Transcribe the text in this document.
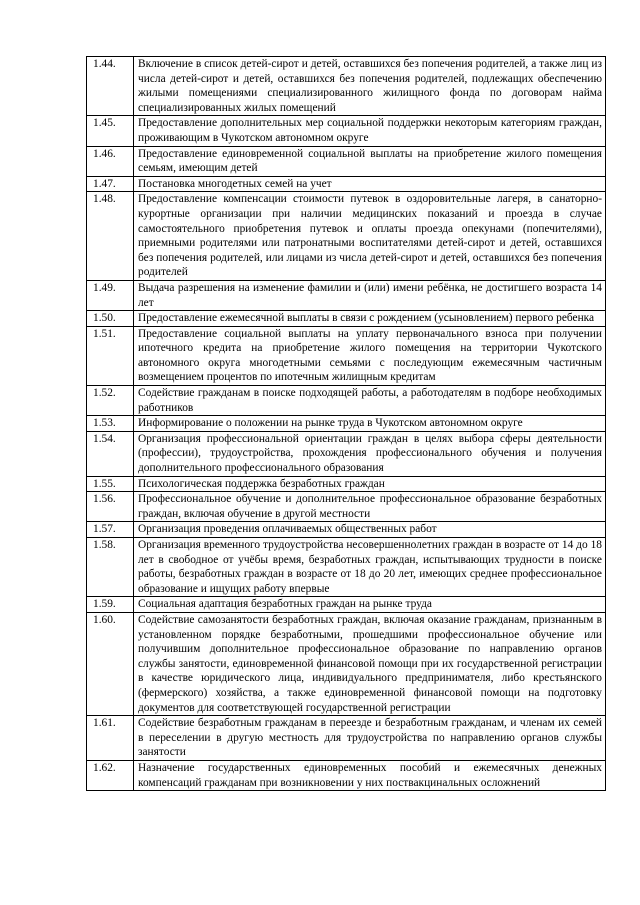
1.44.	Включение в список детей-сирот и детей, оставшихся без попечения родителей, а также лиц из числа детей-сирот и детей, оставшихся без попечения родителей, подлежащих обеспечению жилыми помещениями специализированного жилищного фонда по договорам найма специализированных жилых помещений
1.45.	Предоставление дополнительных мер социальной поддержки некоторым категориям граждан, проживающим в Чукотском автономном округе
1.46.	Предоставление единовременной социальной выплаты на приобретение жилого помещения семьям, имеющим детей
1.47.	Постановка многодетных семей на учет
1.48.	Предоставление компенсации стоимости путевок в оздоровительные лагеря, в санаторно-курортные организации при наличии медицинских показаний и проезда в случае самостоятельного приобретения путевок и оплаты проезда опекунами (попечителями), приемными родителями или патронатными воспитателями детей-сирот и детей, оставшихся без попечения родителей, или лицами из числа детей-сирот и детей, оставшихся без попечения родителей
1.49.	Выдача разрешения на изменение фамилии и (или) имени ребёнка, не достигшего возраста 14 лет
1.50.	Предоставление ежемесячной выплаты в связи с рождением (усыновлением) первого ребенка
1.51.	Предоставление социальной выплаты на уплату первоначального взноса при получении ипотечного кредита на приобретение жилого помещения на территории Чукотского автономного округа многодетными семьями с последующим ежемесячным частичным возмещением процентов по ипотечным жилищным кредитам
1.52.	Содействие гражданам в поиске подходящей работы, а работодателям в подборе необходимых работников
1.53.	Информирование о положении на рынке труда в Чукотском автономном округе
1.54.	Организация профессиональной ориентации граждан в целях выбора сферы деятельности (профессии), трудоустройства, прохождения профессионального обучения и получения дополнительного профессионального образования
1.55.	Психологическая поддержка безработных граждан
1.56.	Профессиональное обучение и дополнительное профессиональное образование безработных граждан, включая обучение в другой местности
1.57.	Организация проведения оплачиваемых общественных работ
1.58.	Организация временного трудоустройства несовершеннолетних граждан в возрасте от 14 до 18 лет в свободное от учёбы время, безработных граждан, испытывающих трудности в поиске работы, безработных граждан в возрасте от 18 до 20 лет, имеющих среднее профессиональное образование и ищущих работу впервые
1.59.	Социальная адаптация безработных граждан на рынке труда
1.60.	Содействие самозанятости безработных граждан, включая оказание гражданам, признанным в установленном порядке безработными, прошедшими профессиональное обучение или получившим дополнительное профессиональное образование по направлению органов службы занятости, единовременной финансовой помощи при их государственной регистрации в качестве юридического лица, индивидуального предпринимателя, либо крестьянского (фермерского) хозяйства, а также единовременной финансовой помощи на подготовку документов для соответствующей государственной регистрации
1.61.	Содействие безработным гражданам в переезде и безработным гражданам, и членам их семей в переселении в другую местность для трудоустройства по направлению органов службы занятости
1.62.	Назначение государственных единовременных пособий и ежемесячных денежных компенсаций гражданам при возникновении у них поствакцинальных осложнений
